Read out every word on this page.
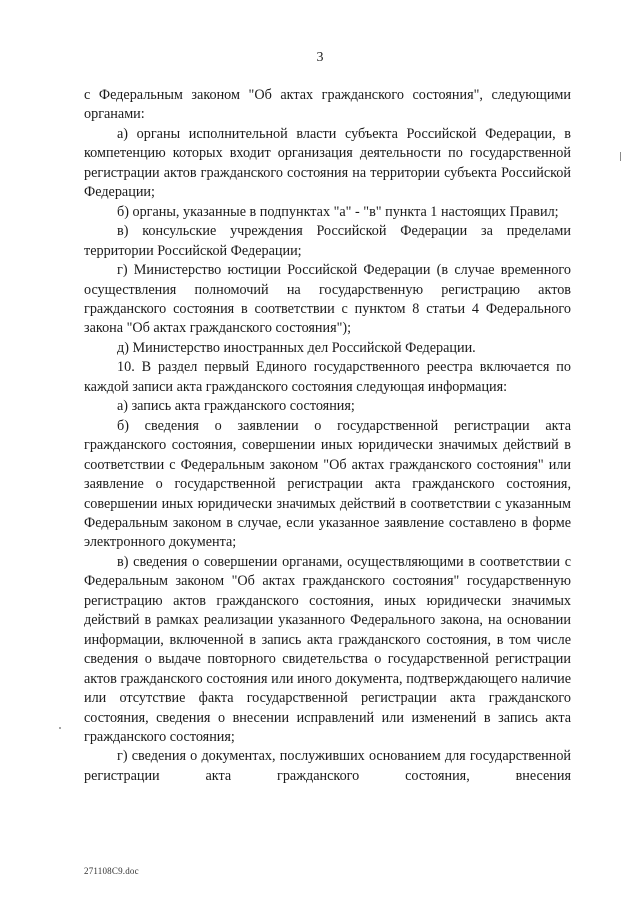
3

с Федеральным законом "Об актах гражданского состояния", следующими органами:

а) органы исполнительной власти субъекта Российской Федерации, в компетенцию которых входит организация деятельности по государственной регистрации актов гражданского состояния на территории субъекта Российской Федерации;

б) органы, указанные в подпунктах "а" - "в" пункта 1 настоящих Правил;

в) консульские учреждения Российской Федерации за пределами территории Российской Федерации;

г) Министерство юстиции Российской Федерации (в случае временного осуществления полномочий на государственную регистрацию актов гражданского состояния в соответствии с пунктом 8 статьи 4 Федерального закона "Об актах гражданского состояния");

д) Министерство иностранных дел Российской Федерации.

10. В раздел первый Единого государственного реестра включается по каждой записи акта гражданского состояния следующая информация:

а) запись акта гражданского состояния;

б) сведения о заявлении о государственной регистрации акта гражданского состояния, совершении иных юридически значимых действий в соответствии с Федеральным законом "Об актах гражданского состояния" или заявление о государственной регистрации акта гражданского состояния, совершении иных юридически значимых действий в соответствии с указанным Федеральным законом в случае, если указанное заявление составлено в форме электронного документа;

в) сведения о совершении органами, осуществляющими в соответствии с Федеральным законом "Об актах гражданского состояния" государственную регистрацию актов гражданского состояния, иных юридически значимых действий в рамках реализации указанного Федерального закона, на основании информации, включенной в запись акта гражданского состояния, в том числе сведения о выдаче повторного свидетельства о государственной регистрации актов гражданского состояния или иного документа, подтверждающего наличие или отсутствие факта государственной регистрации акта гражданского состояния, сведения о внесении исправлений или изменений в запись акта гражданского состояния;

г) сведения о документах, послуживших основанием для государственной регистрации акта гражданского состояния, внесения

271108C9.doc
